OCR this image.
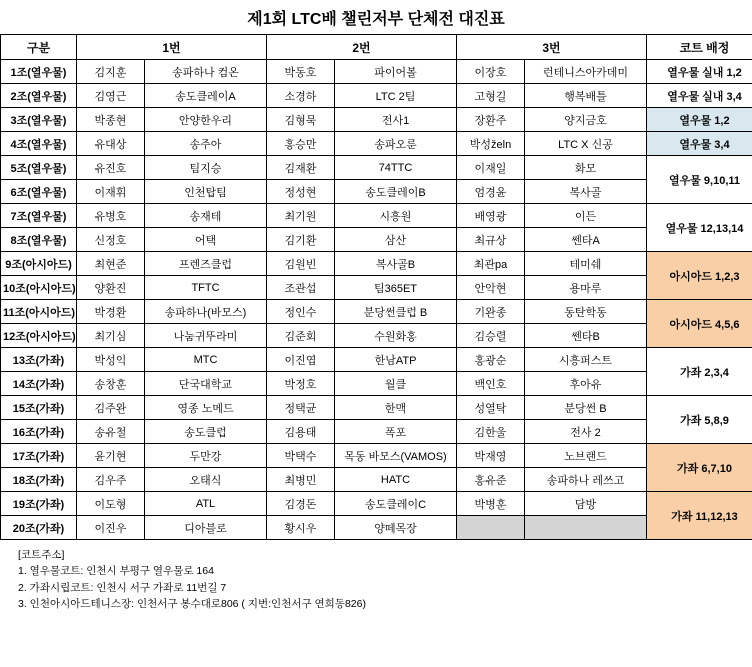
제1회 LTC배 챌린저부 단체전 대진표
구분	1번		2번		3번		코트 배정
1조(열우물)	김지훈	송파하나 컴온	박동호	파이어볼	이장호	런테니스아카데미	열우물 실내 1,2
2조(열우물)	김영근	송도클레이A	소경하	LTC 2팀	고형길	행복배틀	열우물 실내 3,4
3조(열우물)	박종현	안양한우리	김형묵	전사1	장환주	양지금호	열우물 1,2
4조(열우물)	유대상	송주아	홍승만	송파오룬	박성želn	LTC X 신공	열우물 3,4
5조(열우물)	유진호	팀지승	김재환	74TTC	이재일	화모	열우물 9,10,11
6조(열우물)	이재휘	인천탑팀	정성현	송도클레이B	엄경윤	복사골	
7조(열우물)	유병호	송재테	최기원	시흥원	배영광	이든	열우물 12,13,14
8조(열우물)	신정호	어택	김기환	삼산	최규상	쎈타A	
9조(아시아드)	최현준	프렌즈클럽	김원빈	복사골B	최관ра	테미쉐	아시아드 1,2,3
10조(아시아드)	양환진	TFTC	조관섭	팀365ET	안악현	용마루	
11조(아시아드)	박경환	송파하나(바모스)	정인수	분당썬클럽 B	기완종	동탄학동	아시아드 4,5,6
12조(아시아드)	최기심	나눔귀뚜라미	김준회	수원화홍	김승렬	쎈타B	
13조(가좌)	박성익	MTC	이진엽	한남ATP	홍광순	시흥퍼스트	가좌 2,3,4
14조(가좌)	송창훈	단국대학교	박정호	월클	백인호	후아유	
15조(가좌)	김주완	영종 노메드	정택균	한맥	성열탁	분당썬 B	가좌 5,8,9
16조(가좌)	송유철	송도클럽	김용태	폭포	김한울	전사 2	
17조(가좌)	윤기현	두만강	박택수	목동 바모스(VAMOS)	박재영	노브랜드	가좌 6,7,10
18조(가좌)	김우주	오태식	최병민	HATC	홍유준	송파하나 레쓰고	
19조(가좌)	이도형	ATL	김경돈	송도클레이C	박병훈	담방	가좌 11,12,13
20조(가좌)	이진우	디아블로	황시우	양떼목장			
[코트주소]
1. 열우물코트: 인천시 부평구 열우물로 164
2. 가좌시립코트: 인천시 서구 가좌로 11번길 7
3. 인천아시아드테니스장: 인천서구 봉수대로806 ( 지번:인천서구 연희동826)
